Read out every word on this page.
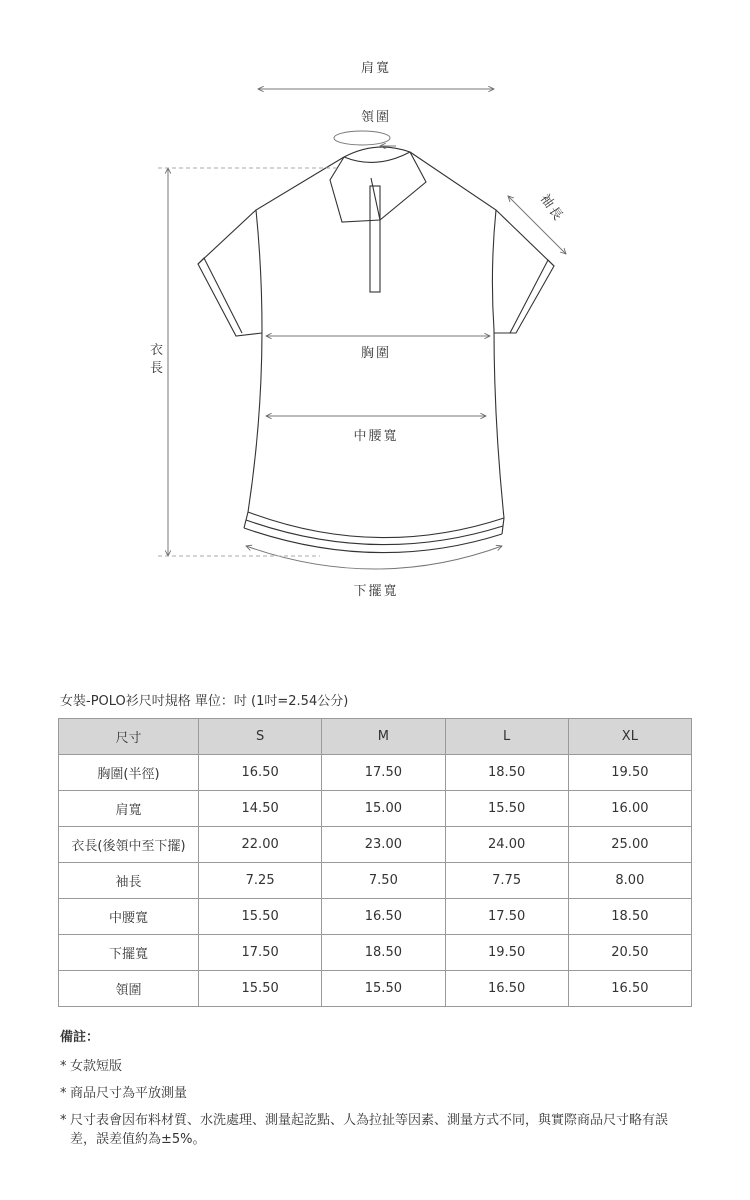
肩寬
領圍
胸圍
中腰寬
下擺寬
袖長
衣長
女裝-POLO衫尺吋規格 單位：吋 (1吋=2.54公分)
尺寸	S	M	L	XL
胸圍(半徑)	16.50	17.50	18.50	19.50
肩寬	14.50	15.00	15.50	16.00
衣長(後領中至下擺)	22.00	23.00	24.00	25.00
袖長	7.25	7.50	7.75	8.00
中腰寬	15.50	16.50	17.50	18.50
下擺寬	17.50	18.50	19.50	20.50
領圍	15.50	15.50	16.50	16.50
備註：
* 女款短版
* 商品尺寸為平放測量
* 尺寸表會因布料材質、水洗處理、測量起訖點、人為拉扯等因素、測量方式不同，與實際商品尺寸略有誤差，誤差值約為±5%。
